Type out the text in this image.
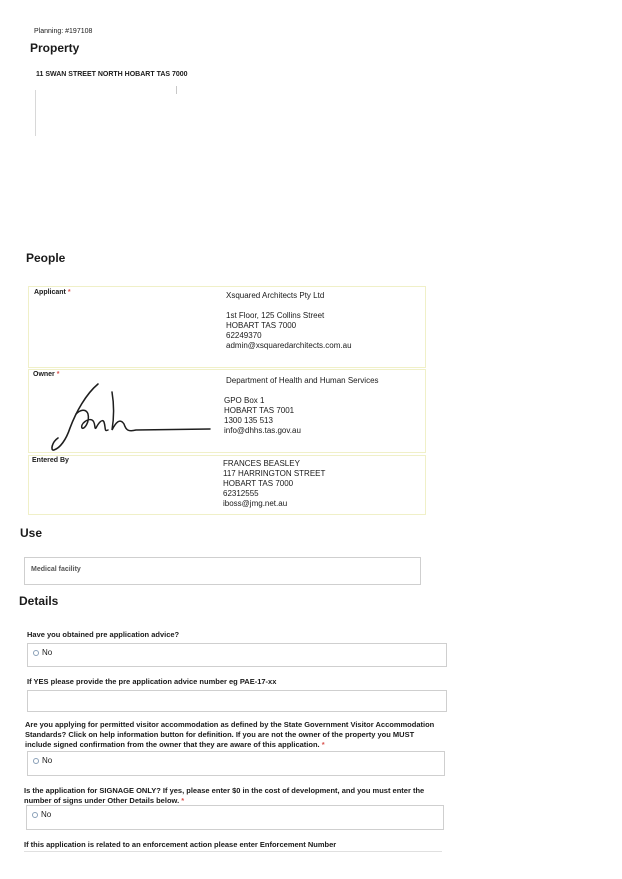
Planning: #197108
Property
11 SWAN STREET NORTH HOBART TAS 7000
People
Applicant *	Xsquared Architects Pty Ltd
1st Floor, 125 Collins Street
HOBART TAS 7000
62249370
admin@xsquaredarchitects.com.au
Owner *
Department of Health and Human Services
GPO Box 1
HOBART TAS 7001
1300 135 513
info@dhhs.tas.gov.au
Entered By	FRANCES BEASLEY
117 HARRINGTON STREET
HOBART TAS 7000
62312555
iboss@jmg.net.au
Use
Medical facility
Details
Have you obtained pre application advice?
No
If YES please provide the pre application advice number eg PAE-17-xx
Are you applying for permitted visitor accommodation as defined by the State Government Visitor Accommodation
Standards? Click on help information button for definition. If you are not the owner of the property you MUST
include signed confirmation from the owner that they are aware of this application. *
No
Is the application for SIGNAGE ONLY? If yes, please enter $0 in the cost of development, and you must enter the
number of signs under Other Details below. *
No
If this application is related to an enforcement action please enter Enforcement Number
